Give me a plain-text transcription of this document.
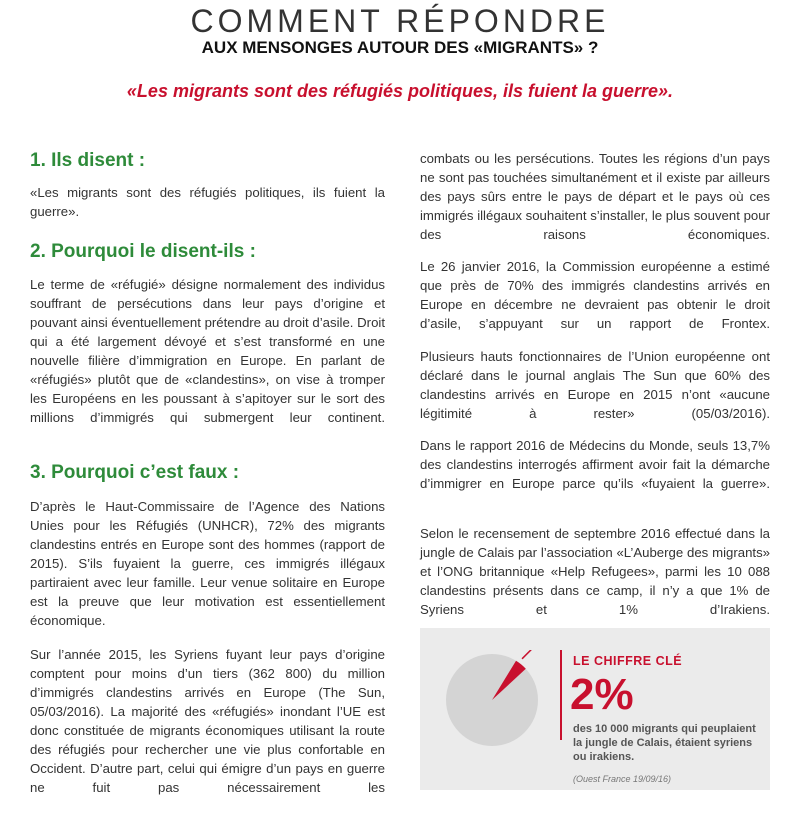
COMMENT RÉPONDRE
AUX MENSONGES AUTOUR DES «MIGRANTS» ?
«Les migrants sont des réfugiés politiques, ils fuient la guerre».
1. Ils disent :

«Les migrants sont des réfugiés politiques, ils fuient la guerre».

2. Pourquoi le disent-ils :

Le terme de «réfugié» désigne normalement des individus souffrant de persécutions dans leur pays d’origine et pouvant ainsi éventuellement prétendre au droit d’asile. Droit qui a été largement dévoyé et s’est transformé en une nouvelle filière d’immigration en Europe. En parlant de «réfugiés» plutôt que de «clandestins», on vise à tromper les Européens en les poussant à s’apitoyer sur le sort des millions d’immigrés qui submergent leur continent.

3. Pourquoi c’est faux :

D’après le Haut-Commissaire de l’Agence des Nations Unies pour les Réfugiés (UNHCR), 72% des migrants clandestins entrés en Europe sont des hommes (rapport de 2015). S’ils fuyaient la guerre, ces immigrés illégaux partiraient avec leur famille. Leur venue solitaire en Europe est la preuve que leur motivation est essentiellement économique.

Sur l’année 2015, les Syriens fuyant leur pays d’origine comptent pour moins d’un tiers (362 800) du million d’immigrés clandestins arrivés en Europe (The Sun, 05/03/2016). La majorité des «réfugiés» inondant l’UE est donc constituée de migrants économiques utilisant la route des réfugiés pour rechercher une vie plus confortable en Occident. D’autre part, celui qui émigre d’un pays en guerre ne fuit pas nécessairement les

combats ou les persécutions. Toutes les régions d’un pays ne sont pas touchées simultanément et il existe par ailleurs des pays sûrs entre le pays de départ et le pays où ces immigrés illégaux souhaitent s’installer, le plus souvent pour des raisons économiques.

Le 26 janvier 2016, la Commission européenne a estimé que près de 70% des immigrés clandestins arrivés en Europe en décembre ne devraient pas obtenir le droit d’asile, s’appuyant sur un rapport de Frontex.

Plusieurs hauts fonctionnaires de l’Union européenne ont déclaré dans le journal anglais The Sun que 60% des clandestins arrivés en Europe en 2015 n’ont «aucune légitimité à rester» (05/03/2016).

Dans le rapport 2016 de Médecins du Monde, seuls 13,7% des clandestins interrogés affirment avoir fait la démarche d’immigrer en Europe parce qu’ils «fuyaient la guerre».

Selon le recensement de septembre 2016 effectué dans la jungle de Calais par l’association «L’Auberge des migrants» et l’ONG britannique «Help Refugees», parmi les 10 088 clandestins présents dans ce camp, il n’y a que 1% de Syriens et 1% d’Irakiens.

LE CHIFFRE CLÉ
2%
des 10 000 migrants qui peuplaient la jungle de Calais, étaient syriens ou irakiens.
(Ouest France 19/09/16)
